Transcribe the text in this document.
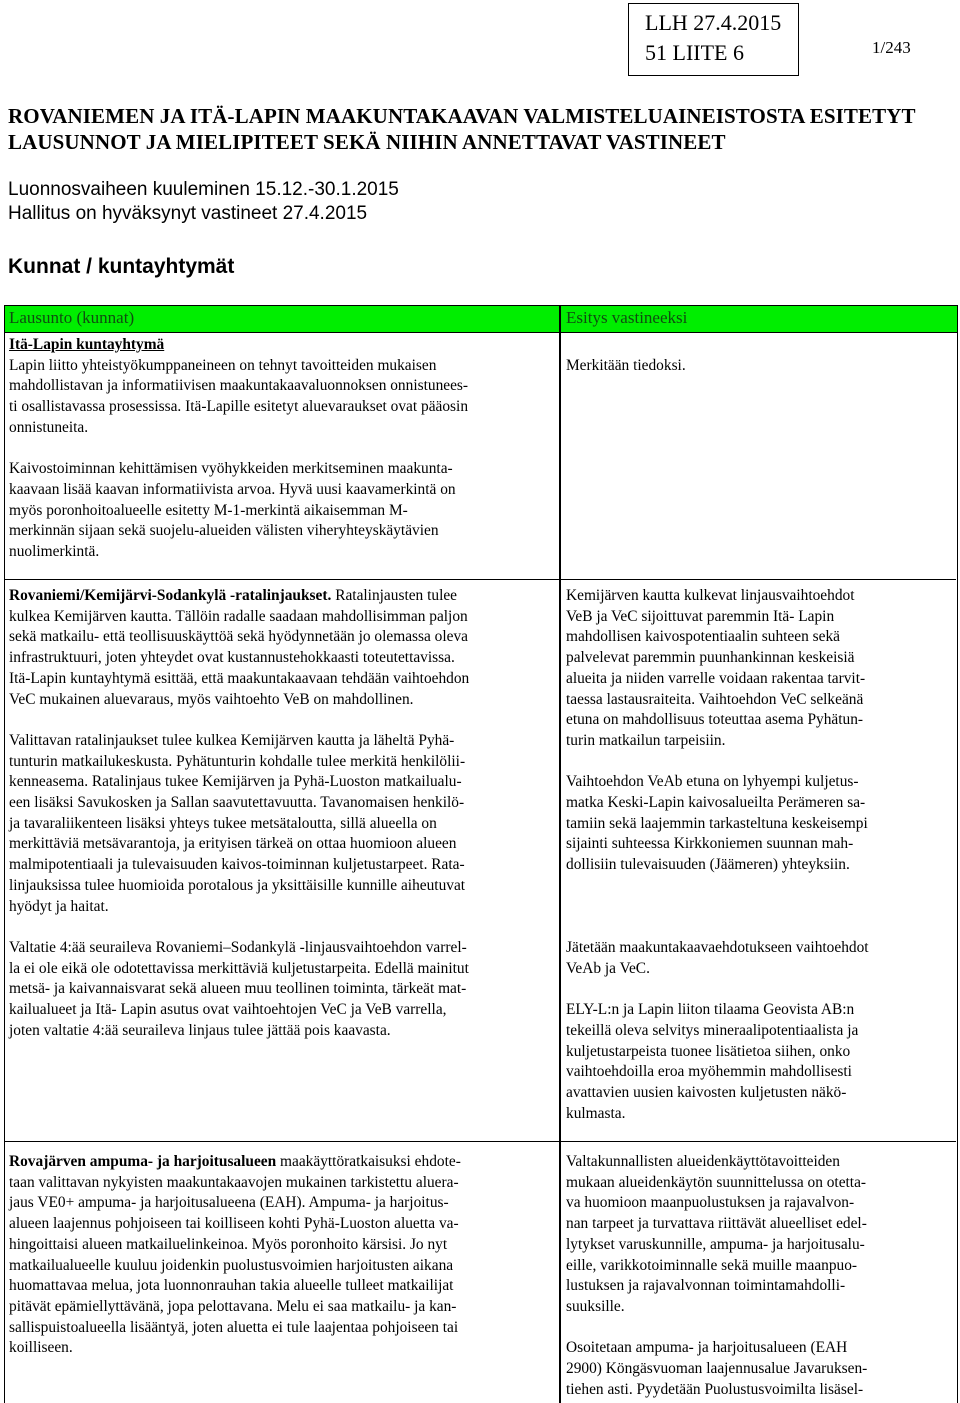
LLH 27.4.2015
51 LIITE 6	1/243
ROVANIEMEN JA ITÄ-LAPIN MAAKUNTAKAAVAN VALMISTELUAINEISTOSTA ESITETYT
LAUSUNNOT JA MIELIPITEET SEKÄ NIIHIN ANNETTAVAT VASTINEET
Luonnosvaiheen kuuleminen 15.12.-30.1.2015
Hallitus on hyväksynyt vastineet 27.4.2015
Kunnat / kuntayhtymät
Lausunto (kunnat)	Esitys vastineeksi

Itä-Lapin kuntayhtymä

Lapin liitto yhteistyökumppaneineen on tehnyt tavoitteiden mukaisen
mahdollistavan ja informatiivisen maakuntakaavaluonnoksen onnistunees-
ti osallistavassa prosessissa. Itä-Lapille esitetyt aluevaraukset ovat pääosin
onnistuneita.

Kaivostoiminnan kehittämisen vyöhykkeiden merkitseminen maakunta-
kaavaan lisää kaavan informatiivista arvoa. Hyvä uusi kaavamerkintä on
myös poronhoitoalueelle esitetty M-1-merkintä aikaisemman M-
merkinnän sijaan sekä suojelu-alueiden välisten viheryhteyskäytävien
nuolimerkintä.

Merkitään tiedoksi.

Rovaniemi/Kemijärvi-Sodankylä -ratalinjaukset. Ratalinjausten tulee
kulkea Kemijärven kautta. Tällöin radalle saadaan mahdollisimman paljon
sekä matkailu- että teollisuuskäyttöä sekä hyödynnetään jo olemassa oleva
infrastruktuuri, joten yhteydet ovat kustannustehokkaasti toteutettavissa.
Itä-Lapin kuntayhtymä esittää, että maakuntakaavaan tehdään vaihtoehdon
VeC mukainen aluevaraus, myös vaihtoehto VeB on mahdollinen.

Valittavan ratalinjaukset tulee kulkea Kemijärven kautta ja läheltä Pyhä-
tunturin matkailukeskusta. Pyhätunturin kohdalle tulee merkitä henkilölii-
kenneasema. Ratalinjaus tukee Kemijärven ja Pyhä-Luoston matkailualu-
een lisäksi Savukosken ja Sallan saavutettavuutta. Tavanomaisen henkilö-
ja tavaraliikenteen lisäksi yhteys tukee metsätaloutta, sillä alueella on
merkittäviä metsävarantoja, ja erityisen tärkeä on ottaa huomioon alueen
malmipotentiaali ja tulevaisuuden kaivos-toiminnan kuljetustarpeet. Rata-
linjauksissa tulee huomioida porotalous ja yksittäisille kunnille aiheutuvat
hyödyt ja haitat.

Kemijärven kautta kulkevat linjausvaihtoehdot
VeB ja VeC sijoittuvat paremmin Itä- Lapin
mahdollisen kaivospotentiaalin suhteen sekä
palvelevat paremmin puunhankinnan keskeisiä
alueita ja niiden varrelle voidaan rakentaa tarvit-
taessa lastausraiteita. Vaihtoehdon VeC selkeänä
etuna on mahdollisuus toteuttaa asema Pyhätun-
turin matkailun tarpeisiin.

Vaihtoehdon VeAb etuna on lyhyempi kuljetus-
matka Keski-Lapin kaivosalueilta Perämeren sa-
tamiin sekä laajemmin tarkasteltuna keskeisempi
sijainti suhteessa Kirkkoniemen suunnan mah-
dollisiin tulevaisuuden (Jäämeren) yhteyksiin.

Valtatie 4:ää seuraileva Rovaniemi–Sodankylä -linjausvaihtoehdon varrel-
la ei ole eikä ole odotettavissa merkittäviä kuljetustarpeita. Edellä mainitut
metsä- ja kaivannaisvarat sekä alueen muu teollinen toiminta, tärkeät mat-
kailualueet ja Itä- Lapin asutus ovat vaihtoehtojen VeC ja VeB varrella,
joten valtatie 4:ää seuraileva linjaus tulee jättää pois kaavasta.

Jätetään maakuntakaavaehdotukseen vaihtoehdot
VeAb ja VeC.

ELY-L:n ja Lapin liiton tilaama Geovista AB:n
tekeillä oleva selvitys mineraalipotentiaalista ja
kuljetustarpeista tuonee lisätietoa siihen, onko
vaihtoehdoilla eroa myöhemmin mahdollisesti
avattavien uusien kaivosten kuljetusten näkö-
kulmasta.

Rovajärven ampuma- ja harjoitusalueen maakäyttöratkaisuksi ehdote-
taan valittavan nykyisten maakuntakaavojen mukainen tarkistettu aluera-
jaus VE0+ ampuma- ja harjoitusalueena (EAH). Ampuma- ja harjoitus-
alueen laajennus pohjoiseen tai koilliseen kohti Pyhä-Luoston aluetta va-
hingoittaisi alueen matkailuelinkeinoa. Myös poronhoito kärsisi. Jo nyt
matkailualueelle kuuluu joidenkin puolustusvoimien harjoitusten aikana
huomattavaa melua, jota luonnonrauhan takia alueelle tulleet matkailijat
pitävät epämiellyttävänä, jopa pelottavana. Melu ei saa matkailu- ja kan-
sallispuistoalueella lisääntyä, joten aluetta ei tule laajentaa pohjoiseen tai
koilliseen.

Valtakunnallisten alueidenkäyttötavoitteiden
mukaan alueidenkäytön suunnittelussa on otetta-
va huomioon maanpuolustuksen ja rajavalvon-
nan tarpeet ja turvattava riittävät alueelliset edel-
lytykset varuskunnille, ampuma- ja harjoitusalu-
eille, varikkotoiminnalle sekä muille maanpuo-
lustuksen ja rajavalvonnan toimintamahdolli-
suuksille.

Osoitetaan ampuma- ja harjoitusalueen (EAH
2900) Köngäsvuoman laajennusalue Javaruksen-
tiehen asti. Pyydetään Puolustusvoimilta lisäsel-
